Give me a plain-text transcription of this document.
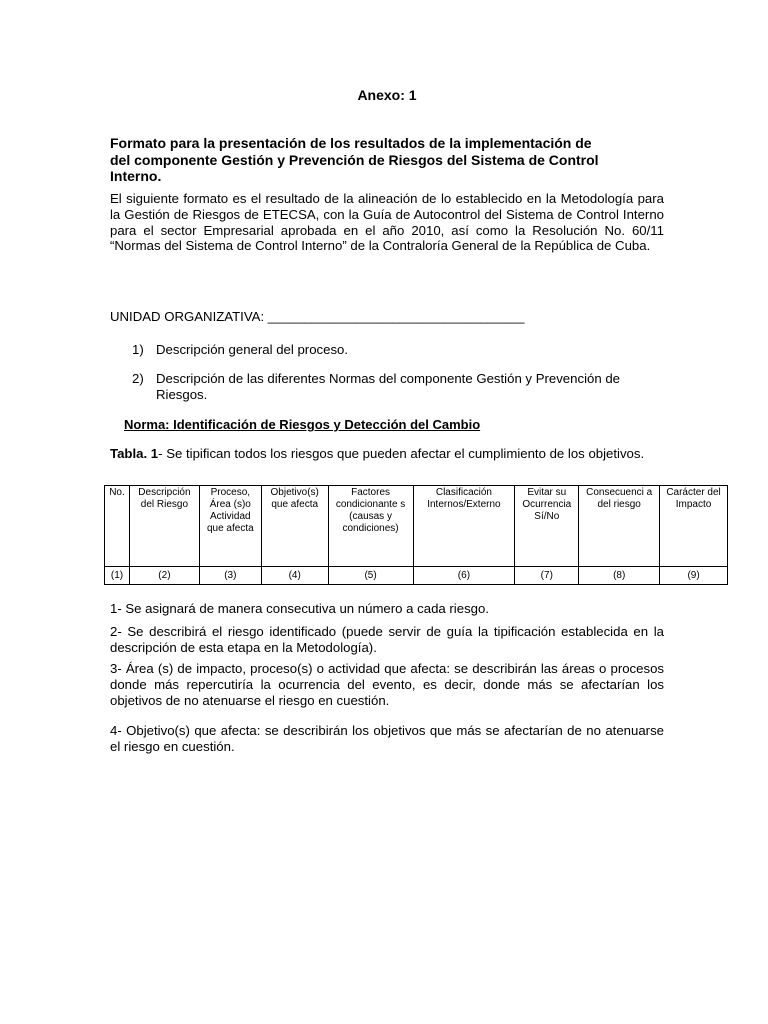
Anexo: 1
Formato para la presentación de los resultados de la implementación de
del componente Gestión y Prevención de Riesgos del Sistema de Control
Interno.
El siguiente formato es el resultado de la alineación de lo establecido en la Metodología para la Gestión de Riesgos de ETECSA, con la Guía de Autocontrol del Sistema de Control Interno para el sector Empresarial aprobada en el año 2010, así como la Resolución No. 60/11 “Normas del Sistema de Control Interno” de la Contraloría General de la República de Cuba.
UNIDAD ORGANIZATIVA: ___________________________________
1) Descripción general del proceso.
2) Descripción de las diferentes Normas del componente Gestión y Prevención de Riesgos.
Norma: Identificación de Riesgos y Detección del Cambio
Tabla. 1- Se tipifican todos los riesgos que pueden afectar el cumplimiento de los objetivos.
1- Se asignará de manera consecutiva un número a cada riesgo.
2- Se describirá el riesgo identificado (puede servir de guía la tipificación establecida en la descripción de esta etapa en la Metodología).
3- Área (s) de impacto, proceso(s) o actividad que afecta: se describirán las áreas o procesos donde más repercutiría la ocurrencia del evento, es decir, donde más se afectarían los objetivos de no atenuarse el riesgo en cuestión.
4- Objetivo(s) que afecta: se describirán los objetivos que más se afectarían de no atenuarse el riesgo en cuestión.
No.	Descripción del Riesgo	Proceso, Área (s)o Actividad que afecta	Objetivo(s) que afecta	Factores condicionante s (causas y condiciones)	Clasificación Internos/Externo	Evitar su Ocurrencia Sí/No	Consecuenci a del riesgo	Carácter del Impacto
(1)	(2)	(3)	(4)	(5)	(6)	(7)	(8)	(9)
